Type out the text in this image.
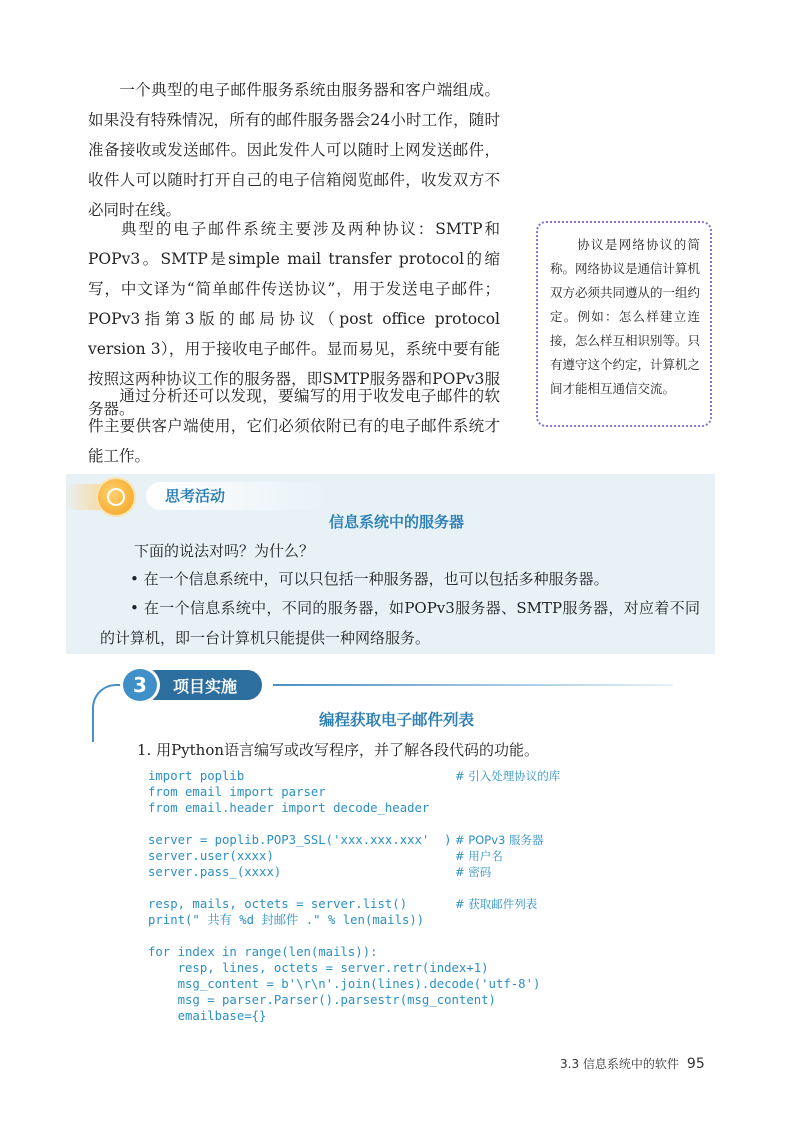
一个典型的电子邮件服务系统由服务器和客户端组成。如果没有特殊情况，所有的邮件服务器会24小时工作，随时准备接收或发送邮件。因此发件人可以随时上网发送邮件，收件人可以随时打开自己的电子信箱阅览邮件，收发双方不必同时在线。

典型的电子邮件系统主要涉及两种协议：SMTP和POPv3。SMTP是simple mail transfer protocol的缩写，中文译为“简单邮件传送协议”，用于发送电子邮件；POPv3指第3版的邮局协议（post office protocol version 3），用于接收电子邮件。显而易见，系统中要有能按照这两种协议工作的服务器，即SMTP服务器和POPv3服务器。

通过分析还可以发现，要编写的用于收发电子邮件的软件主要供客户端使用，它们必须依附已有的电子邮件系统才能工作。

协议是网络协议的简称。网络协议是通信计算机双方必须共同遵从的一组约定。例如：怎么样建立连接，怎么样互相识别等。只有遵守这个约定，计算机之间才能相互通信交流。
思考活动
信息系统中的服务器
下面的说法对吗？为什么？
• 在一个信息系统中，可以只包括一种服务器，也可以包括多种服务器。
• 在一个信息系统中，不同的服务器，如POPv3服务器、SMTP服务器，对应着不同的计算机，即一台计算机只能提供一种网络服务。
3	项目实施
编程获取电子邮件列表
1. 用Python语言编写或改写程序，并了解各段代码的功能。
import poplib	# 引入处理协议的库
from email import parser
from email.header import decode_header
server = poplib.POP3_SSL('xxx.xxx.xxx'  ) # POPv3 服务器
server.user(xxxx)	# 用户名
server.pass_(xxxx)	# 密码
resp, mails, octets = server.list()	# 获取邮件列表
print(" 共有 %d 封邮件 ." % len(mails))
for index in range(len(mails)):
resp, lines, octets = server.retr(index+1)
msg_content = b'\r\n'.join(lines).decode('utf-8')
msg = parser.Parser().parsestr(msg_content)
emailbase={}
3.3 信息系统中的软件 95
